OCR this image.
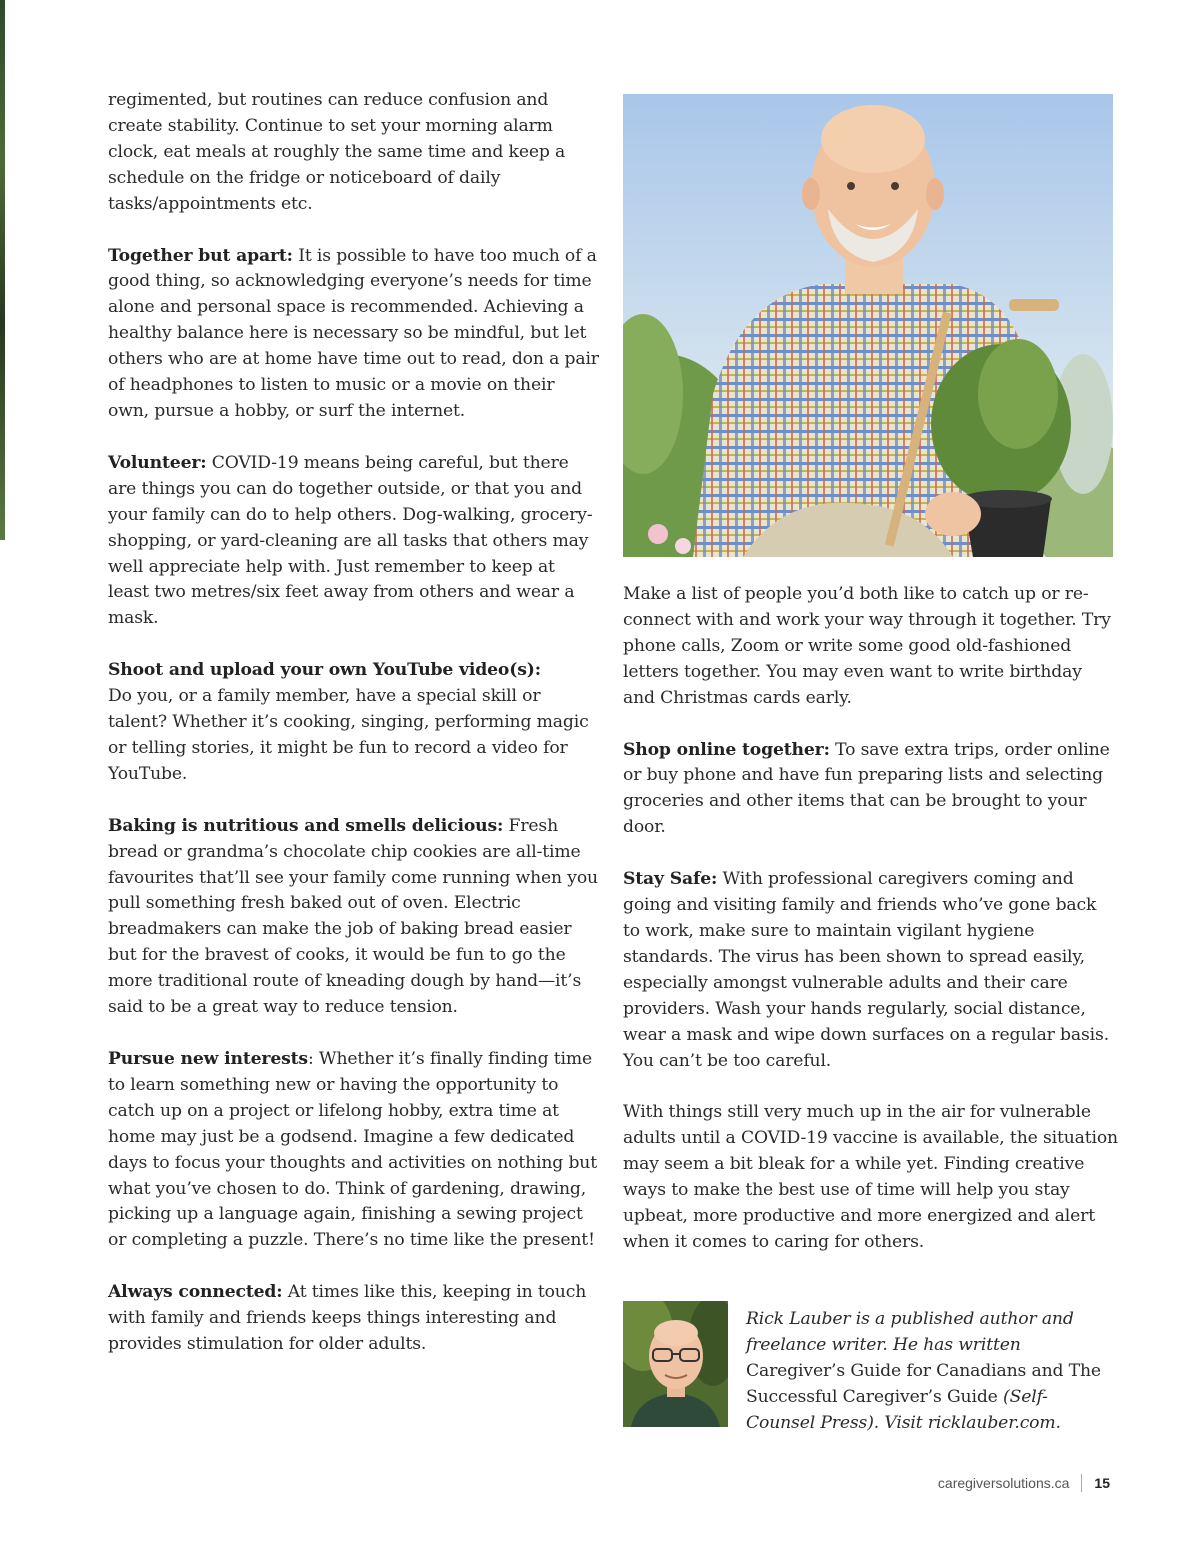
regimented, but routines can reduce confusion and create stability. Continue to set your morning alarm clock, eat meals at roughly the same time and keep a schedule on the fridge or noticeboard of daily tasks/appointments etc.

Together but apart: It is possible to have too much of a good thing, so acknowledging everyone’s needs for time alone and personal space is recommended. Achieving a healthy balance here is necessary so be mindful, but let others who are at home have time out to read, don a pair of headphones to listen to music or a movie on their own, pursue a hobby, or surf the internet.

Volunteer: COVID-19 means being careful, but there are things you can do together outside, or that you and your family can do to help others. Dog-walking, grocery-shopping, or yard-cleaning are all tasks that others may well appreciate help with. Just remember to keep at least two metres/six feet away from others and wear a mask.

Shoot and upload your own YouTube video(s):

Do you, or a family member, have a special skill or talent? Whether it’s cooking, singing, performing magic or telling stories, it might be fun to record a video for YouTube.

Baking is nutritious and smells delicious: Fresh bread or grandma’s chocolate chip cookies are all-time favourites that’ll see your family come running when you pull something fresh baked out of oven. Electric breadmakers can make the job of baking bread easier but for the bravest of cooks, it would be fun to go the more traditional route of kneading dough by hand—it’s said to be a great way to reduce tension.

Pursue new interests: Whether it’s finally finding time to learn something new or having the opportunity to catch up on a project or lifelong hobby, extra time at home may just be a godsend. Imagine a few dedicated days to focus your thoughts and activities on nothing but what you’ve chosen to do. Think of gardening, drawing, picking up a language again, finishing a sewing project or completing a puzzle. There’s no time like the present!

Always connected: At times like this, keeping in touch with family and friends keeps things interesting and provides stimulation for older adults.

Make a list of people you’d both like to catch up or re-connect with and work your way through it together. Try phone calls, Zoom or write some good old-fashioned letters together. You may even want to write birthday and Christmas cards early.

Shop online together: To save extra trips, order online or buy phone and have fun preparing lists and selecting groceries and other items that can be brought to your door.

Stay Safe: With professional caregivers coming and going and visiting family and friends who’ve gone back to work, make sure to maintain vigilant hygiene standards. The virus has been shown to spread easily, especially amongst vulnerable adults and their care providers. Wash your hands regularly, social distance, wear a mask and wipe down surfaces on a regular basis. You can’t be too careful.

With things still very much up in the air for vulnerable adults until a COVID-19 vaccine is available, the situation may seem a bit bleak for a while yet. Finding creative ways to make the best use of time will help you stay upbeat, more productive and more energized and alert when it comes to caring for others.

Rick Lauber is a published author and freelance writer. He has written Caregiver’s Guide for Canadians and The Successful Caregiver’s Guide (Self-Counsel Press). Visit ricklauber.com.
caregiversolutions.ca 15
